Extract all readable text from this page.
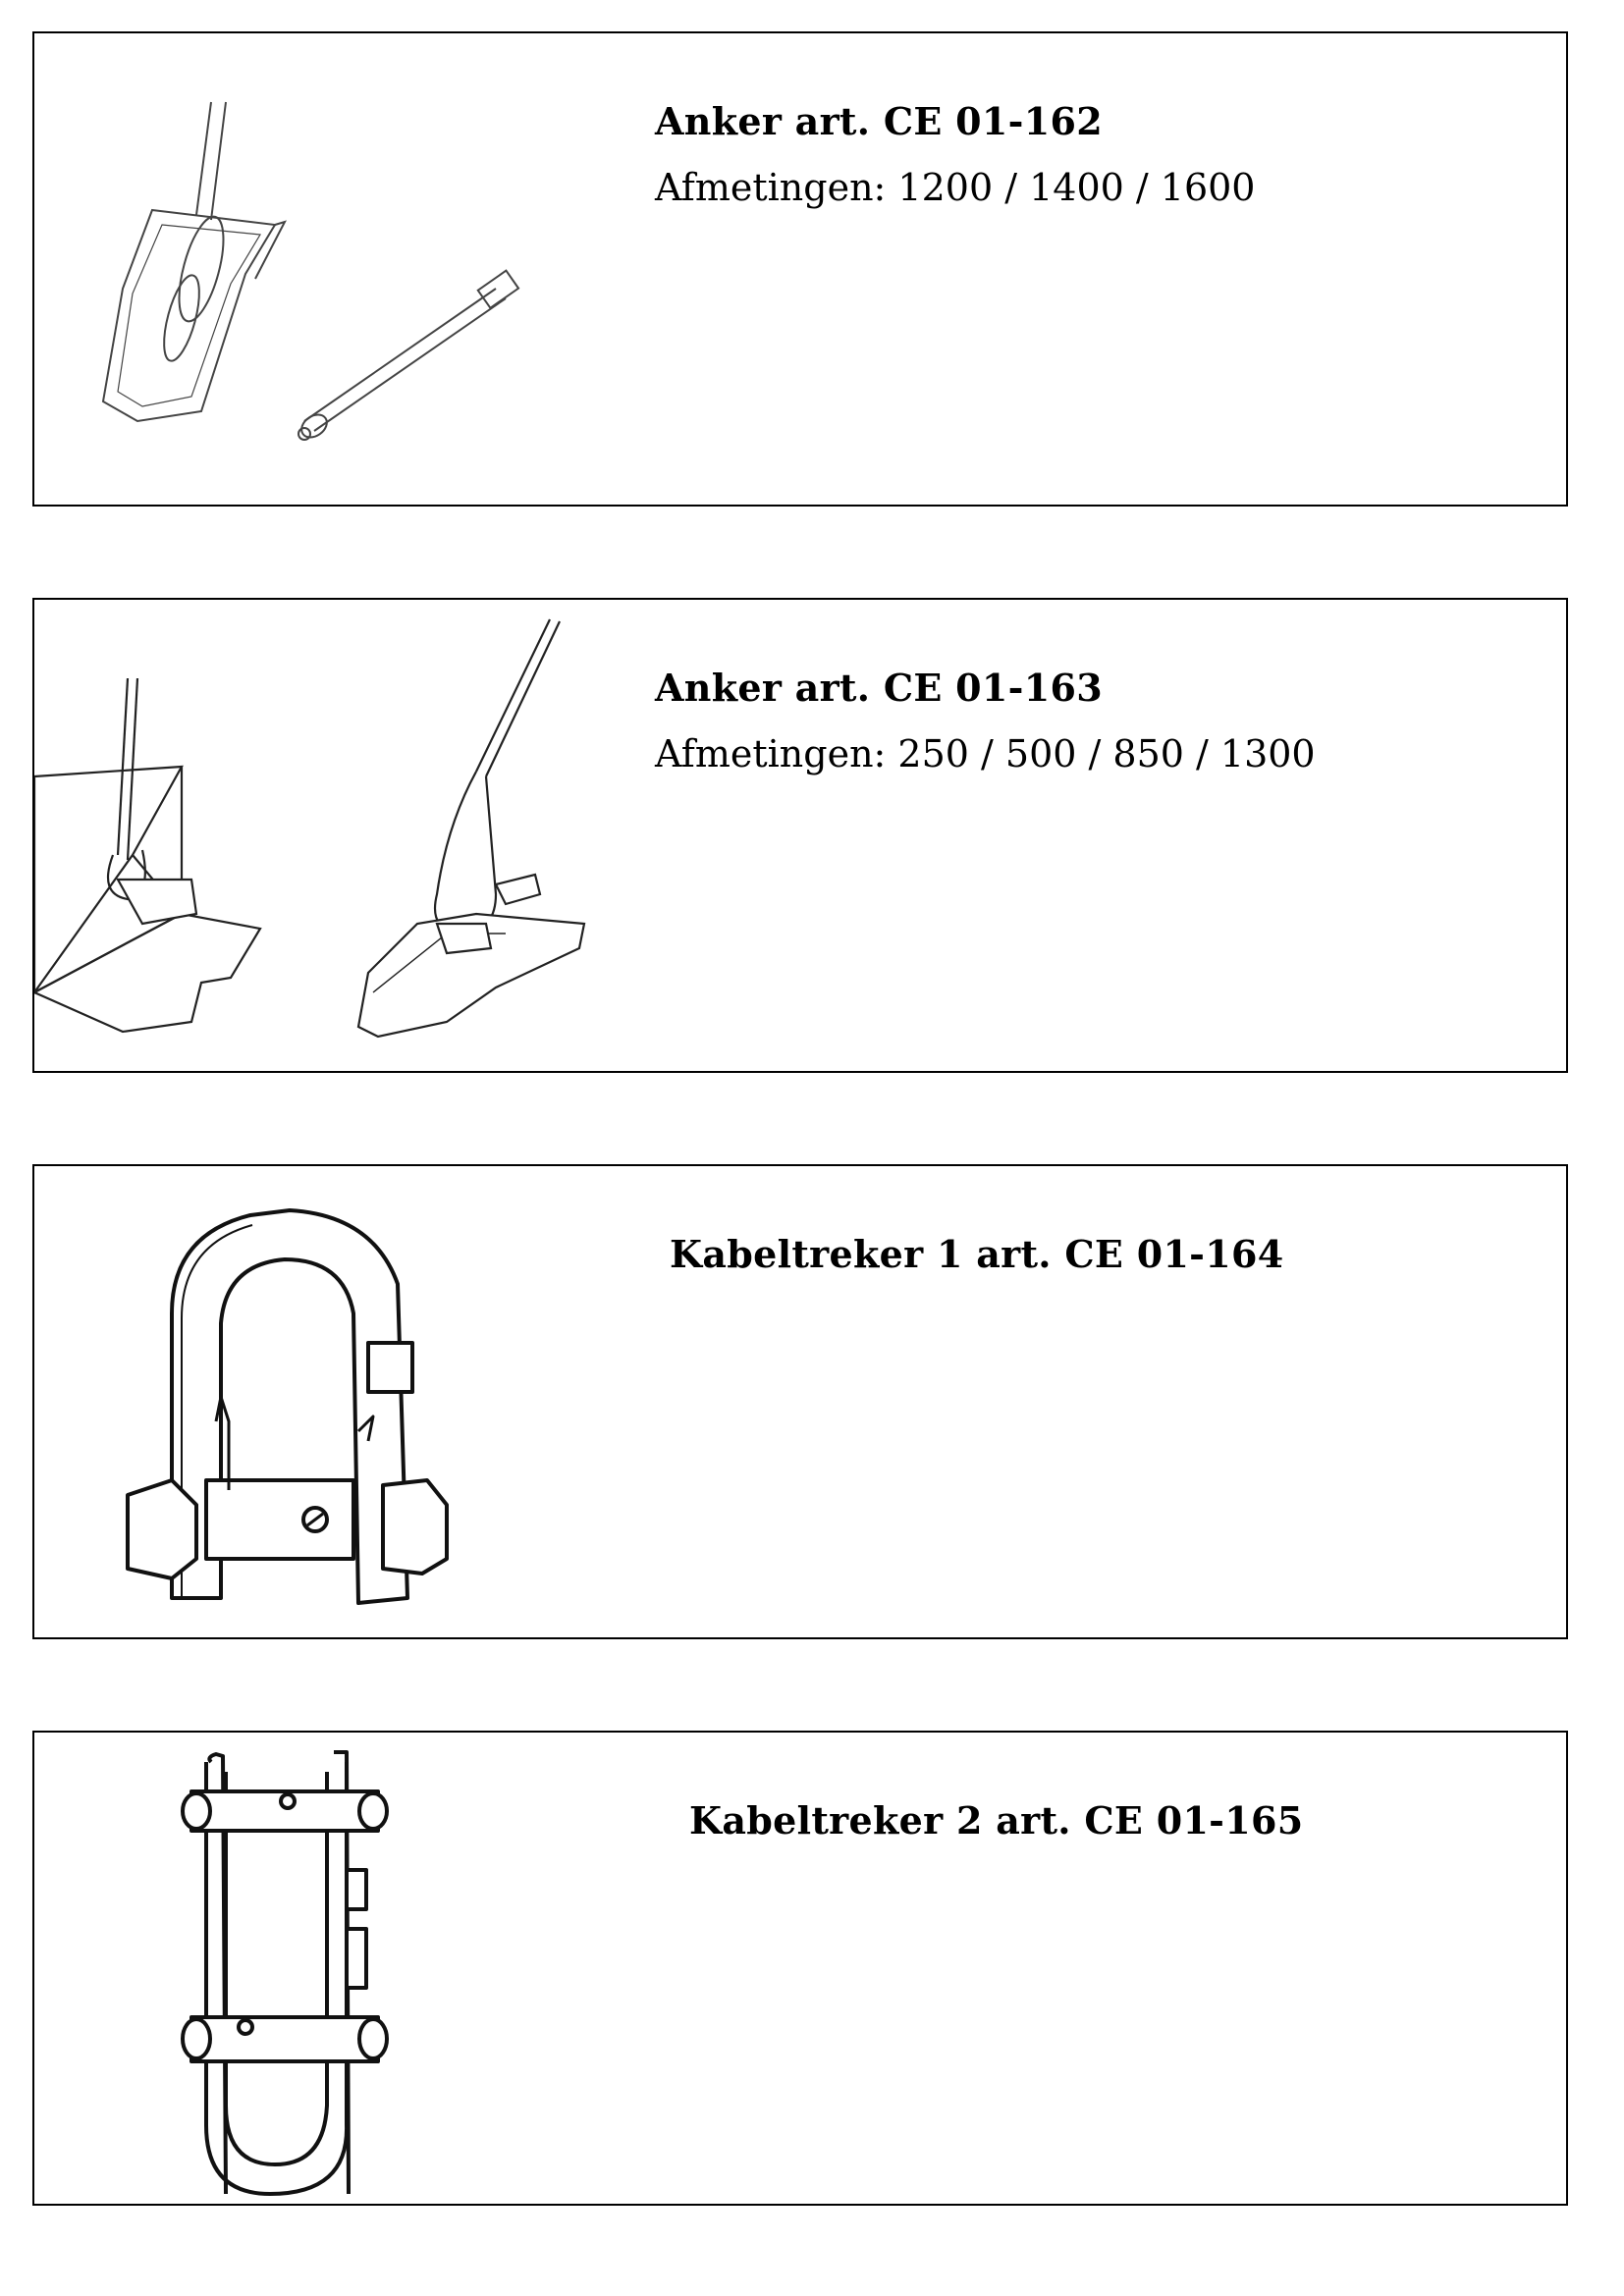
Anker art. CE 01-162
Afmetingen: 1200 / 1400 / 1600
Anker art. CE 01-163
Afmetingen: 250 / 500 / 850 / 1300
Kabeltreker 1 art. CE 01-164
Kabeltreker 2 art. CE 01-165
